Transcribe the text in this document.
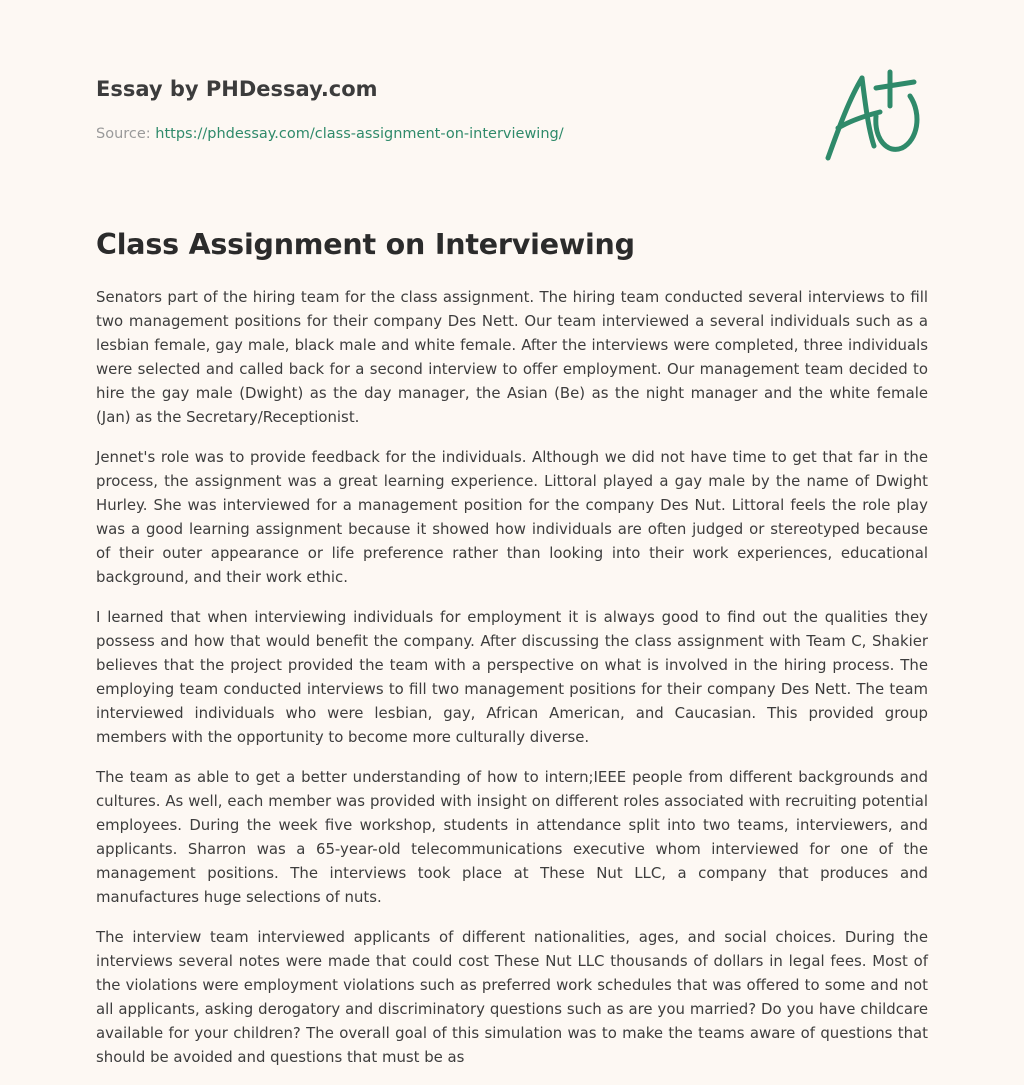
Essay by PHDessay.com
Source: https://phdessay.com/class-assignment-on-interviewing/
Class Assignment on Interviewing

Senators part of the hiring team for the class assignment. The hiring team conducted several interviews to fill two management positions for their company Des Nett. Our team interviewed a several individuals such as a lesbian female, gay male, black male and white female. After the interviews were completed, three individuals were selected and called back for a second interview to offer employment. Our management team decided to hire the gay male (Dwight) as the day manager, the Asian (Be) as the night manager and the white female (Jan) as the Secretary/Receptionist.

Jennet's role was to provide feedback for the individuals. Although we did not have time to get that far in the process, the assignment was a great learning experience. Littoral played a gay male by the name of Dwight Hurley. She was interviewed for a management position for the company Des Nut. Littoral feels the role play was a good learning assignment because it showed how individuals are often judged or stereotyped because of their outer appearance or life preference rather than looking into their work experiences, educational background, and their work ethic.

I learned that when interviewing individuals for employment it is always good to find out the qualities they possess and how that would benefit the company. After discussing the class assignment with Team C, Shakier believes that the project provided the team with a perspective on what is involved in the hiring process. The employing team conducted interviews to fill two management positions for their company Des Nett. The team interviewed individuals who were lesbian, gay, African American, and Caucasian. This provided group members with the opportunity to become more culturally diverse.

The team as able to get a better understanding of how to intern;IEEE people from different backgrounds and cultures. As well, each member was provided with insight on different roles associated with recruiting potential employees. During the week five workshop, students in attendance split into two teams, interviewers, and applicants. Sharron was a 65-year-old telecommunications executive whom interviewed for one of the management positions. The interviews took place at These Nut LLC, a company that produces and manufactures huge selections of nuts.

The interview team interviewed applicants of different nationalities, ages, and social choices. During the interviews several notes were made that could cost These Nut LLC thousands of dollars in legal fees. Most of the violations were employment violations such as preferred work schedules that was offered to some and not all applicants, asking derogatory and discriminatory questions such as are you married? Do you have childcare available for your children? The overall goal of this simulation was to make the teams aware of questions that should be avoided and questions that must be as
